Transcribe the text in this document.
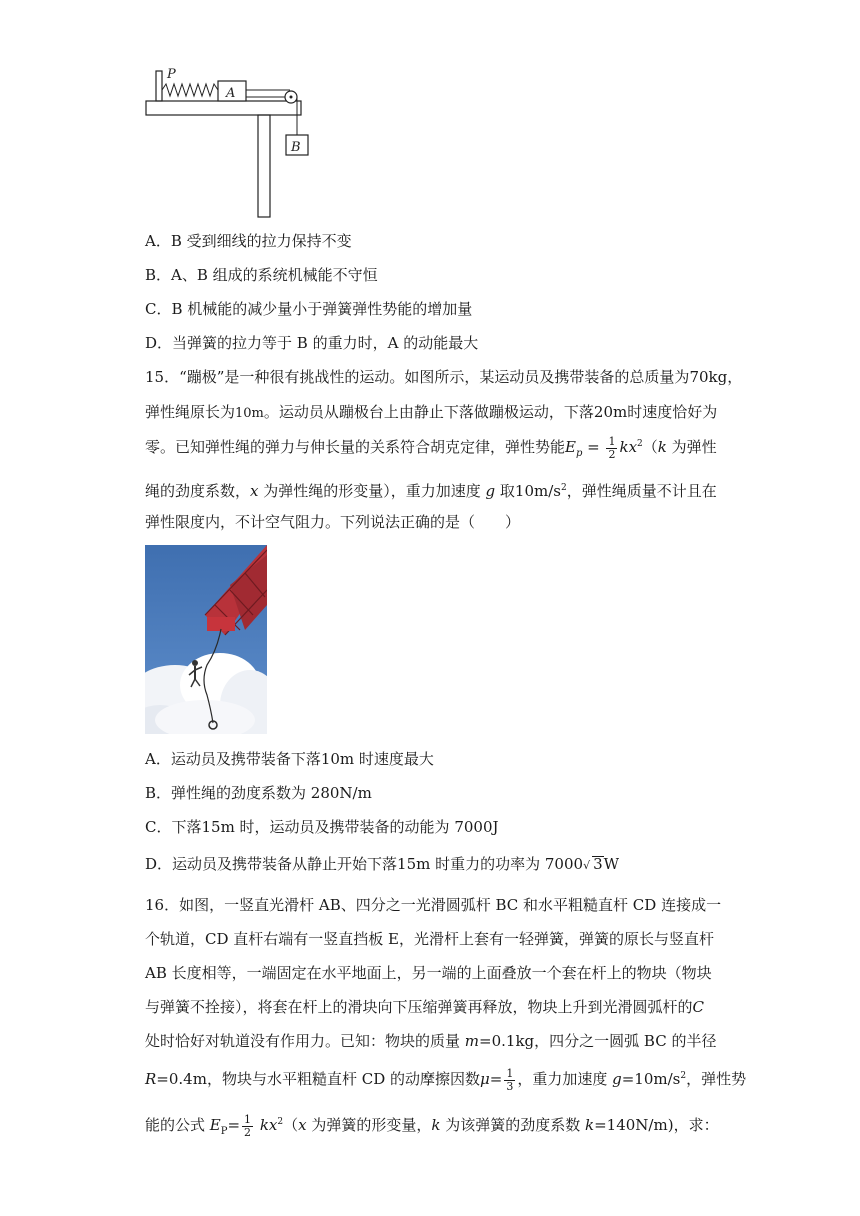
A
P
B
A．B 受到细线的拉力保持不变
B．A、B 组成的系统机械能不守恒
C．B 机械能的减少量小于弹簧弹性势能的增加量
D．当弹簧的拉力等于 B 的重力时，A 的动能最大
15．“蹦极”是一种很有挑战性的运动。如图所示，某运动员及携带装备的总质量为70kg，
弹性绳原长为10m。运动员从蹦极台上由静止下落做蹦极运动，下落20m时速度恰好为
零。已知弹性绳的弹力与伸长量的关系符合胡克定律，弹性势能$E_p = \frac{1}{2} kx^2(k$ 为弹性
绳的劲度系数，x 为弹性绳的形变量），重力加速度 g 取$10m/s^2$，弹性绳质量不计且在
弹性限度内，不计空气阻力。下列说法正确的是（　　）
A．运动员及携带装备下落10m 时速度最大
B．弹性绳的劲度系数为 280N/m
C．下落15m 时，运动员及携带装备的动能为 7000J
D．运动员及携带装备从静止开始下落15m 时重力的功率为 7000√ 3W
16．如图，一竖直光滑杆 AB、四分之一光滑圆弧杆 BC 和水平粗糙直杆 CD 连接成一
个轨道，CD 直杆右端有一竖直挡板 E，光滑杆上套有一轻弹簧，弹簧的原长与竖直杆
AB 长度相等，一端固定在水平地面上，另一端的上面叠放一个套在杆上的物块（物块
与弹簧不拴接），将套在杆上的滑块向下压缩弹簧再释放，物块上升到光滑圆弧杆的C
处时恰好对轨道没有作用力。已知：物块的质量 m=0.1kg，四分之一圆弧 BC 的半径
R=0.4m，物块与水平粗糙直杆 CD 的动摩擦因数$\mu= \frac{1}{3}$ ，重力加速度 $g=10m/s^2$，弹性势
能的公式 $E_P= \frac{1}{2} kx^2(x$ 为弹簧的形变量，k 为该弹簧的劲度系数 k=140N/m)，求：
